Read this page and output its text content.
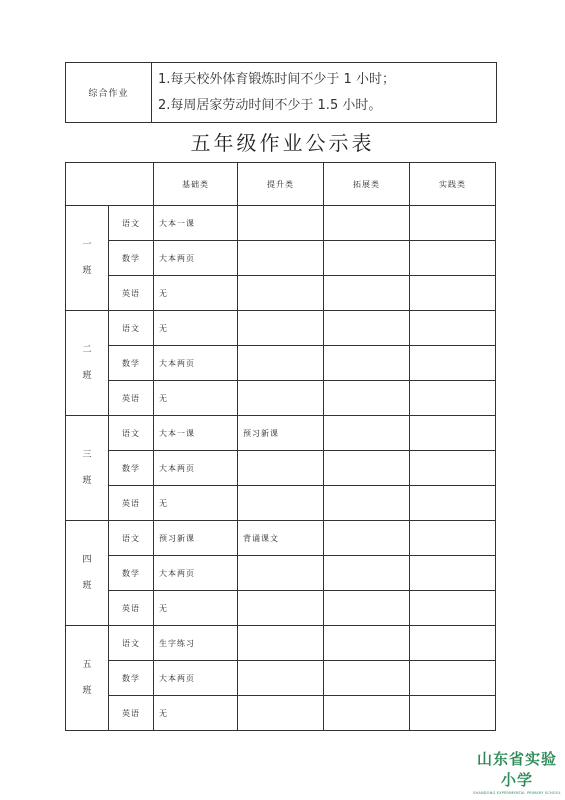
综合作业	
1.每天校外体育锻炼时间不少于 1 小时；
2.每周居家劳动时间不少于 1.5 小时。
五年级作业公示表
		基础类	提升类	拓展类	实践类

一
班	语文	大本一课			
	数学	大本两页			
	英语	无			

二
班	语文	无			
	数学	大本两页			
	英语	无			

三
班	语文	大本一课	预习新课		
	数学	大本两页			
	英语	无			

四
班	语文	预习新课	背诵课文		
	数学	大本两页			
	英语	无			

五
班	语文	生字练习			
	数学	大本两页			
	英语	无			
山东省实验小学
SHANDONG EXPERIMENTAL PRIMARY SCHOOL
